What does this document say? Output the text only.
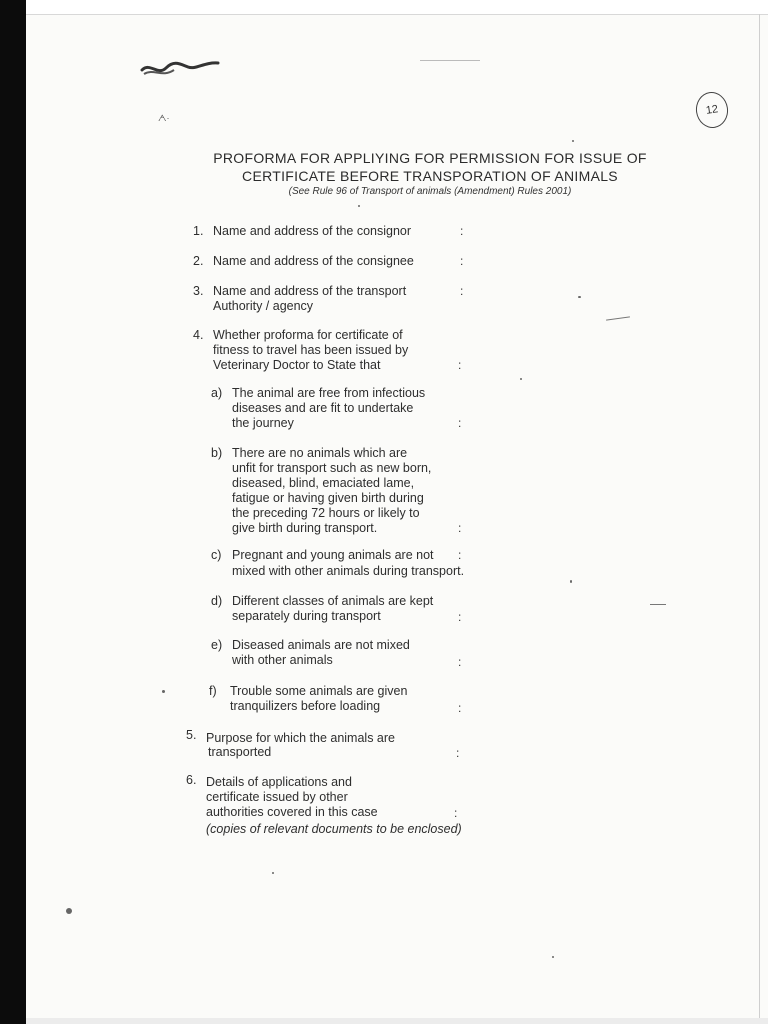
ᗅ·
12
PROFORMA FOR APPLIYING FOR PERMISSION FOR ISSUE OF
CERTIFICATE BEFORE TRANSPORATION OF ANIMALS
(See Rule 96 of Transport of animals (Amendment) Rules 2001)
1. Name and address of the consignor	:
2. Name and address of the consignee	:
3. Name and address of the transport
Authority / agency
:
4. Whether proforma for certificate of
fitness to travel has been issued by
Veterinary Doctor to State that	:
a) The animal are free from infectious
diseases and are fit to undertake
the journey	:
b) There are no animals which are
unfit for transport such as new born,
diseased, blind, emaciated lame,
fatigue or having given birth during
the preceding 72 hours or likely to
give birth during transport.	:
c) Pregnant and young animals are not
mixed with other animals during transport.
:
d) Different classes of animals are kept
separately during transport	:
e) Diseased animals are not mixed
with other animals	:
f) Trouble some animals are given
tranquilizers before loading	:
5. Purpose for which the animals are
transported	:
6. Details of applications and
certificate issued by other
authorities covered in this case	:
(copies of relevant documents to be enclosed)
